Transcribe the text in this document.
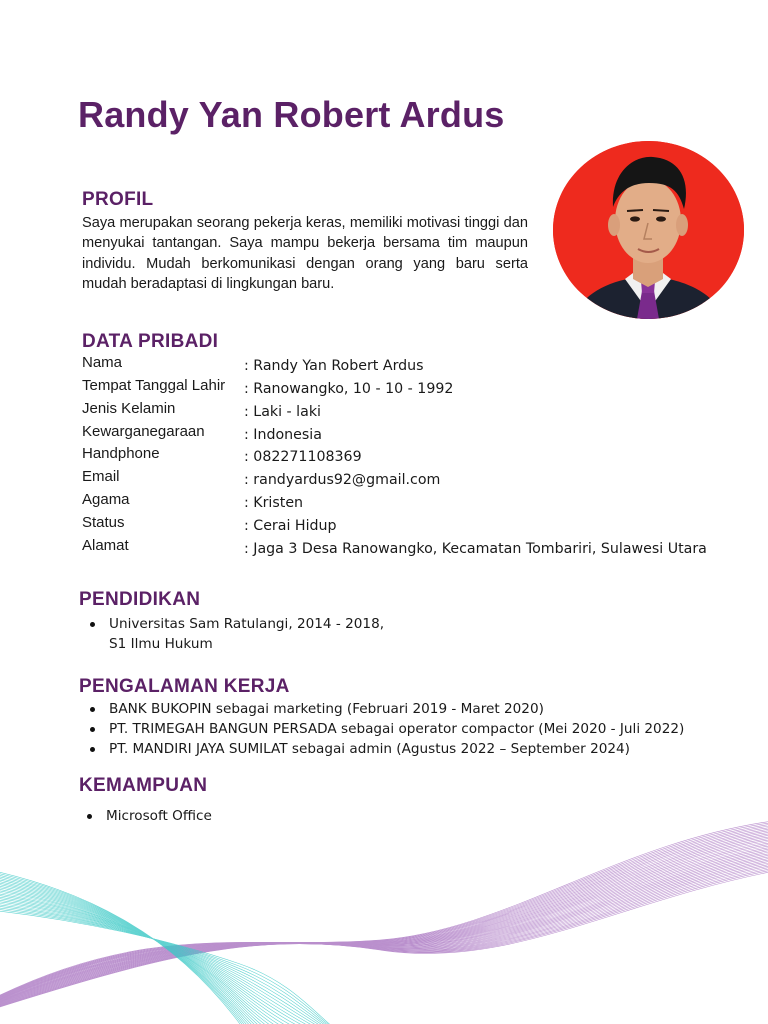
Randy Yan Robert Ardus
PROFIL

Saya merupakan seorang pekerja keras, memiliki motivasi tinggi dan menyukai tantangan. Saya mampu bekerja bersama tim maupun individu. Mudah berkomunikasi dengan orang yang baru serta mudah beradaptasi di lingkungan baru.

DATA PRIBADI
Nama	: Randy Yan Robert Ardus
Tempat Tanggal Lahir : Ranowangko, 10 - 10 - 1992
Jenis Kelamin	: Laki - laki
Kewarganegaraan	: Indonesia
Handphone	: 082271108369
Email	: randyardus92@gmail.com
Agama	: Kristen
Status	: Cerai Hidup
Alamat	: Jaga 3 Desa Ranowangko, Kecamatan Tombariri, Sulawesi Utara
PENDIDIKAN
Universitas Sam Ratulangi, 2014 - 2018,
S1 Ilmu Hukum
PENGALAMAN KERJA
BANK BUKOPIN sebagai marketing (Februari 2019 - Maret 2020)
PT. TRIMEGAH BANGUN PERSADA sebagai operator compactor (Mei 2020 - Juli 2022)
PT. MANDIRI JAYA SUMILAT sebagai admin (Agustus 2022 – September 2024)
KEMAMPUAN
Microsoft Office
